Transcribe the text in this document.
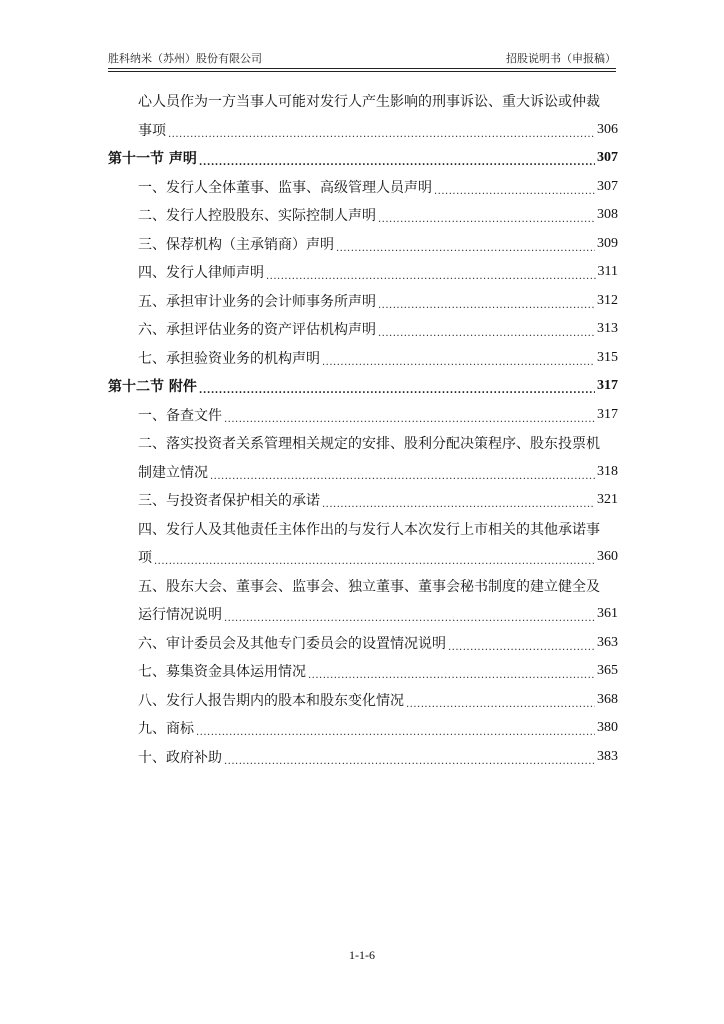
胜科纳米（苏州）股份有限公司	招股说明书（申报稿）
心人员作为一方当事人可能对发行人产生影响的刑事诉讼、重大诉讼或仲裁
事项 .....	306
第十一节 声明 .....	307
一、发行人全体董事、监事、高级管理人员声明 .....	307
二、发行人控股股东、实际控制人声明 .....	308
三、保荐机构（主承销商）声明 .....	309
四、发行人律师声明 .....	311
五、承担审计业务的会计师事务所声明 .....	312
六、承担评估业务的资产评估机构声明 .....	313
七、承担验资业务的机构声明 .....	315
第十二节 附件 .....	317
一、备查文件 .....	317
二、落实投资者关系管理相关规定的安排、股利分配决策程序、股东投票机
制建立情况 .....	318
三、与投资者保护相关的承诺 .....	321
四、发行人及其他责任主体作出的与发行人本次发行上市相关的其他承诺事
项 .....	360
五、股东大会、董事会、监事会、独立董事、董事会秘书制度的建立健全及
运行情况说明 .....	361
六、审计委员会及其他专门委员会的设置情况说明 .....	363
七、募集资金具体运用情况 .....	365
八、发行人报告期内的股本和股东变化情况 .....	368
九、商标 .....	380
十、政府补助 .....	383
1-1-6
